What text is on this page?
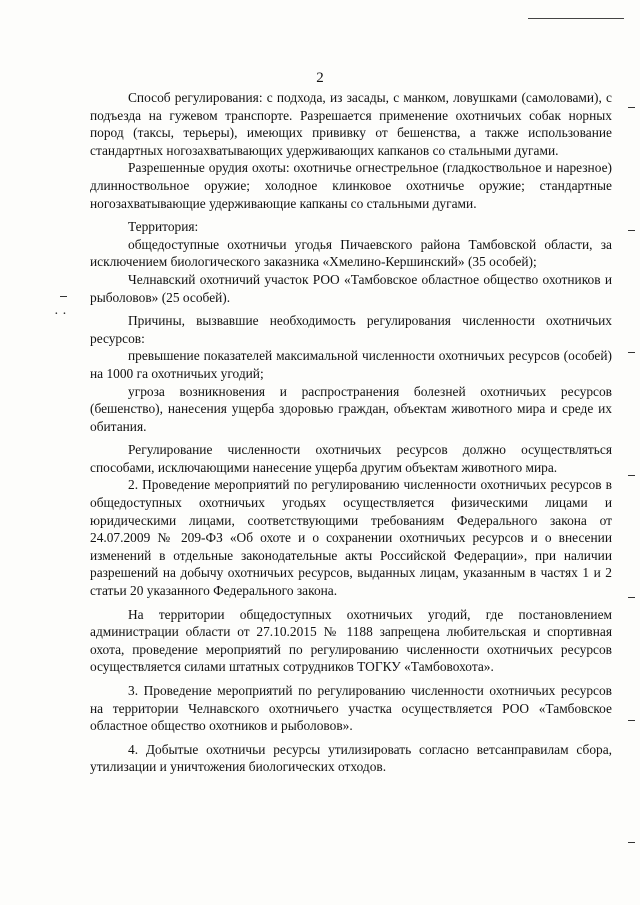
2

Способ регулирования: с подхода, из засады, с манком, ловушками (самоловами), с подъезда на гужевом транспорте. Разрешается применение охотничьих собак норных пород (таксы, терьеры), имеющих прививку от бешенства, а также использование стандартных ногозахватывающих удерживающих капканов со стальными дугами.

Разрешенные орудия охоты: охотничье огнестрельное (гладкоствольное и нарезное) длинноствольное оружие; холодное клинковое охотничье оружие; стандартные ногозахватывающие удерживающие капканы со стальными дугами.

Территория:

общедоступные охотничьи угодья Пичаевского района Тамбовской области, за исключением биологического заказника «Хмелино-Кершинский» (35 особей);

Челнавский охотничий участок РОО «Тамбовское областное общество охотников и рыболовов» (25 особей).

Причины, вызвавшие необходимость регулирования численности охотничьих ресурсов:

превышение показателей максимальной численности охотничьих ресурсов (особей) на 1000 га охотничьих угодий;

угроза возникновения и распространения болезней охотничьих ресурсов (бешенство), нанесения ущерба здоровью граждан, объектам животного мира и среде их обитания.

Регулирование численности охотничьих ресурсов должно осуществляться способами, исключающими нанесение ущерба другим объектам животного мира.

2. Проведение мероприятий по регулированию численности охотничьих ресурсов в общедоступных охотничьих угодьях осуществляется физическими лицами и юридическими лицами, соответствующими требованиям Федерального закона от 24.07.2009 № 209-ФЗ «Об охоте и о сохранении охотничьих ресурсов и о внесении изменений в отдельные законодательные акты Российской Федерации», при наличии разрешений на добычу охотничьих ресурсов, выданных лицам, указанным в частях 1 и 2 статьи 20 указанного Федерального закона.

На территории общедоступных охотничьих угодий, где постановлением администрации области от 27.10.2015 № 1188 запрещена любительская и спортивная охота, проведение мероприятий по регулированию численности охотничьих ресурсов осуществляется силами штатных сотрудников ТОГКУ «Тамбовохота».

3. Проведение мероприятий по регулированию численности охотничьих ресурсов на территории Челнавского охотничьего участка осуществляется РОО «Тамбовское областное общество охотников и рыболовов».

4. Добытые охотничьи ресурсы утилизировать согласно ветсанправилам сбора, утилизации и уничтожения биологических отходов.

· ·
